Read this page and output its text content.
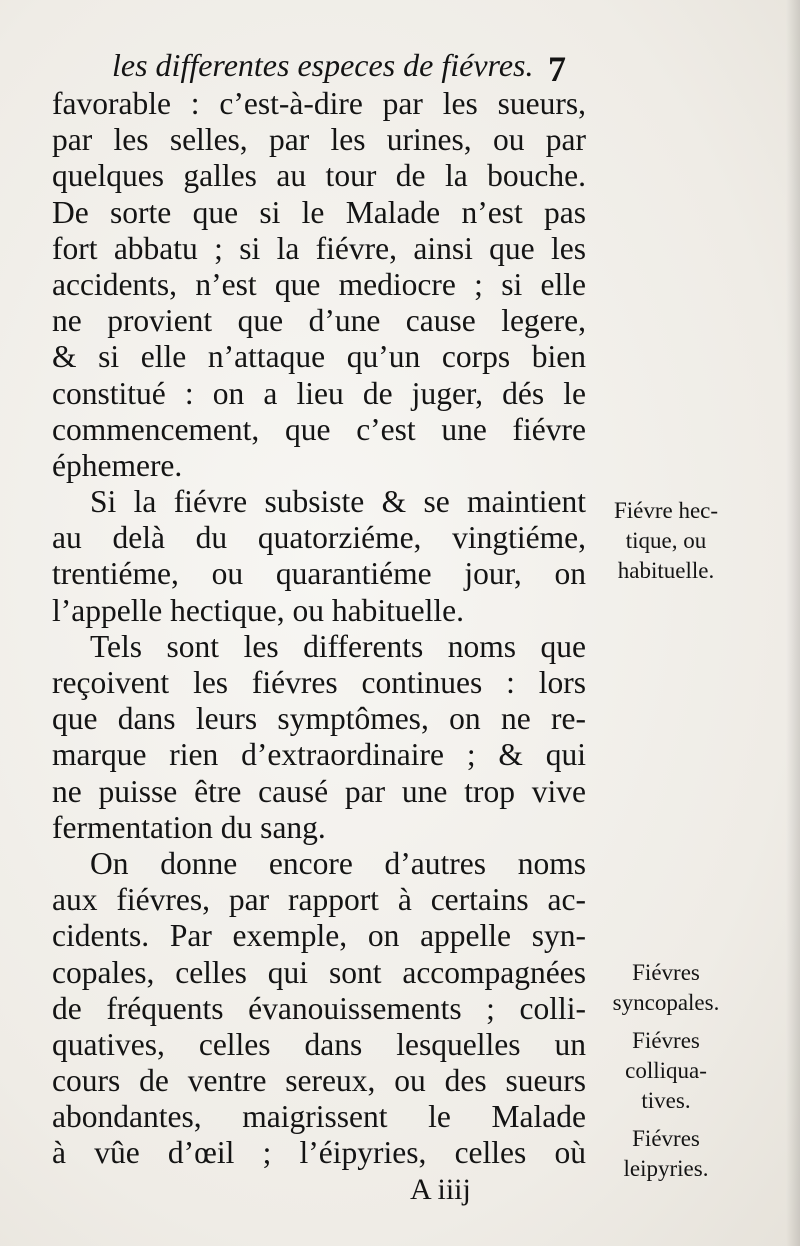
les differentes especes de fiévres. 7
favorable : c’est-à-dire par les sueurs,
par les selles, par les urines, ou par
quelques galles au tour de la bouche.
De sorte que si le Malade n’est pas
fort abbatu ; si la fiévre, ainsi que les
accidents, n’est que mediocre ; si elle
ne provient que d’une cause legere,
& si elle n’attaque qu’un corps bien
constitué : on a lieu de juger, dés le
commencement, que c’est une fiévre
éphemere.
Si la fiévre subsiste & se maintient
au delà du quatorziéme, vingtiéme,
trentiéme, ou quarantiéme jour, on
l’appelle hectique, ou habituelle.
Tels sont les differents noms que
reçoivent les fiévres continues : lors
que dans leurs symptômes, on ne re-
marque rien d’extraordinaire ; & qui
ne puisse être causé par une trop vive
fermentation du sang.
On donne encore d’autres noms
aux fiévres, par rapport à certains ac-
cidents. Par exemple, on appelle syn-
copales, celles qui sont accompagnées
de fréquents évanouissements ; colli-
quatives, celles dans lesquelles un
cours de ventre sereux, ou des sueurs
abondantes, maigrissent le Malade
à vûe d’œil ; l’éipyries, celles où
Fiévre hec-
tique, ou
habituelle.
Fiévres
syncopales.
Fiévres
colliqua-
tives.
Fiévres
leipyries.
A iiij
